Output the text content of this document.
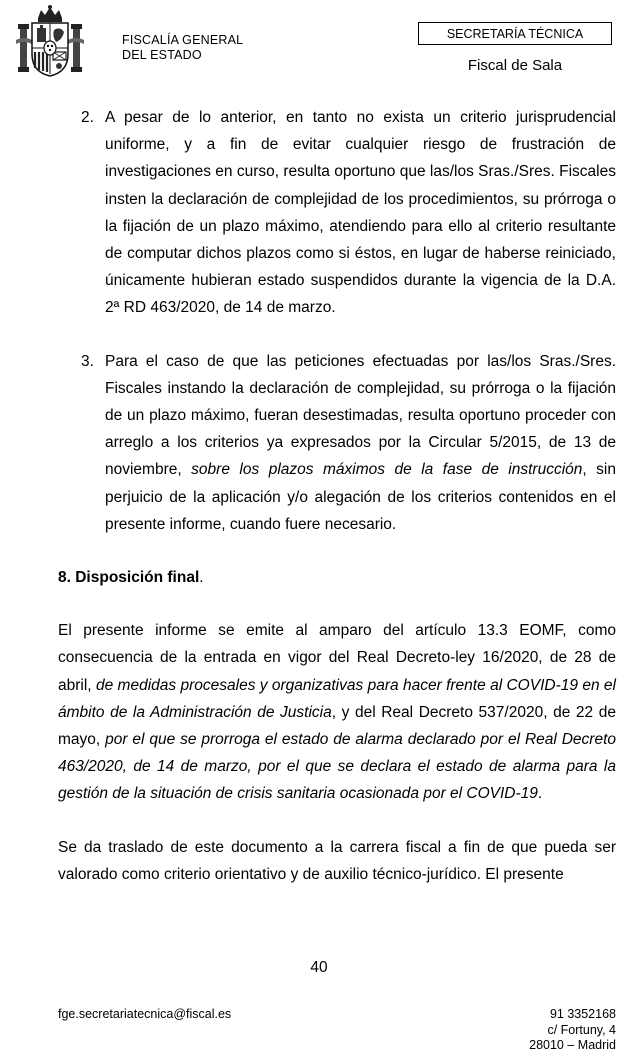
FISCALÍA GENERAL
DEL ESTADO
SECRETARÍA TÉCNICA
Fiscal de Sala
2. A pesar de lo anterior, en tanto no exista un criterio jurisprudencial uniforme, y a fin de evitar cualquier riesgo de frustración de investigaciones en curso, resulta oportuno que las/los Sras./Sres. Fiscales insten la declaración de complejidad de los procedimientos, su prórroga o la fijación de un plazo máximo, atendiendo para ello al criterio resultante de computar dichos plazos como si éstos, en lugar de haberse reiniciado, únicamente hubieran estado suspendidos durante la vigencia de la D.A. 2ª RD 463/2020, de 14 de marzo.

3. Para el caso de que las peticiones efectuadas por las/los Sras./Sres. Fiscales instando la declaración de complejidad, su prórroga o la fijación de un plazo máximo, fueran desestimadas, resulta oportuno proceder con arreglo a los criterios ya expresados por la Circular 5/2015, de 13 de noviembre, sobre los plazos máximos de la fase de instrucción, sin perjuicio de la aplicación y/o alegación de los criterios contenidos en el presente informe, cuando fuere necesario.

8. Disposición final.

El presente informe se emite al amparo del artículo 13.3 EOMF, como consecuencia de la entrada en vigor del Real Decreto-ley 16/2020, de 28 de abril, de medidas procesales y organizativas para hacer frente al COVID-19 en el ámbito de la Administración de Justicia, y del Real Decreto 537/2020, de 22 de mayo, por el que se prorroga el estado de alarma declarado por el Real Decreto 463/2020, de 14 de marzo, por el que se declara el estado de alarma para la gestión de la situación de crisis sanitaria ocasionada por el COVID-19.

Se da traslado de este documento a la carrera fiscal a fin de que pueda ser valorado como criterio orientativo y de auxilio técnico-jurídico. El presente

40
fge.secretariatecnica@fiscal.es	91 3352168
c/ Fortuny, 4
28010 – Madrid
